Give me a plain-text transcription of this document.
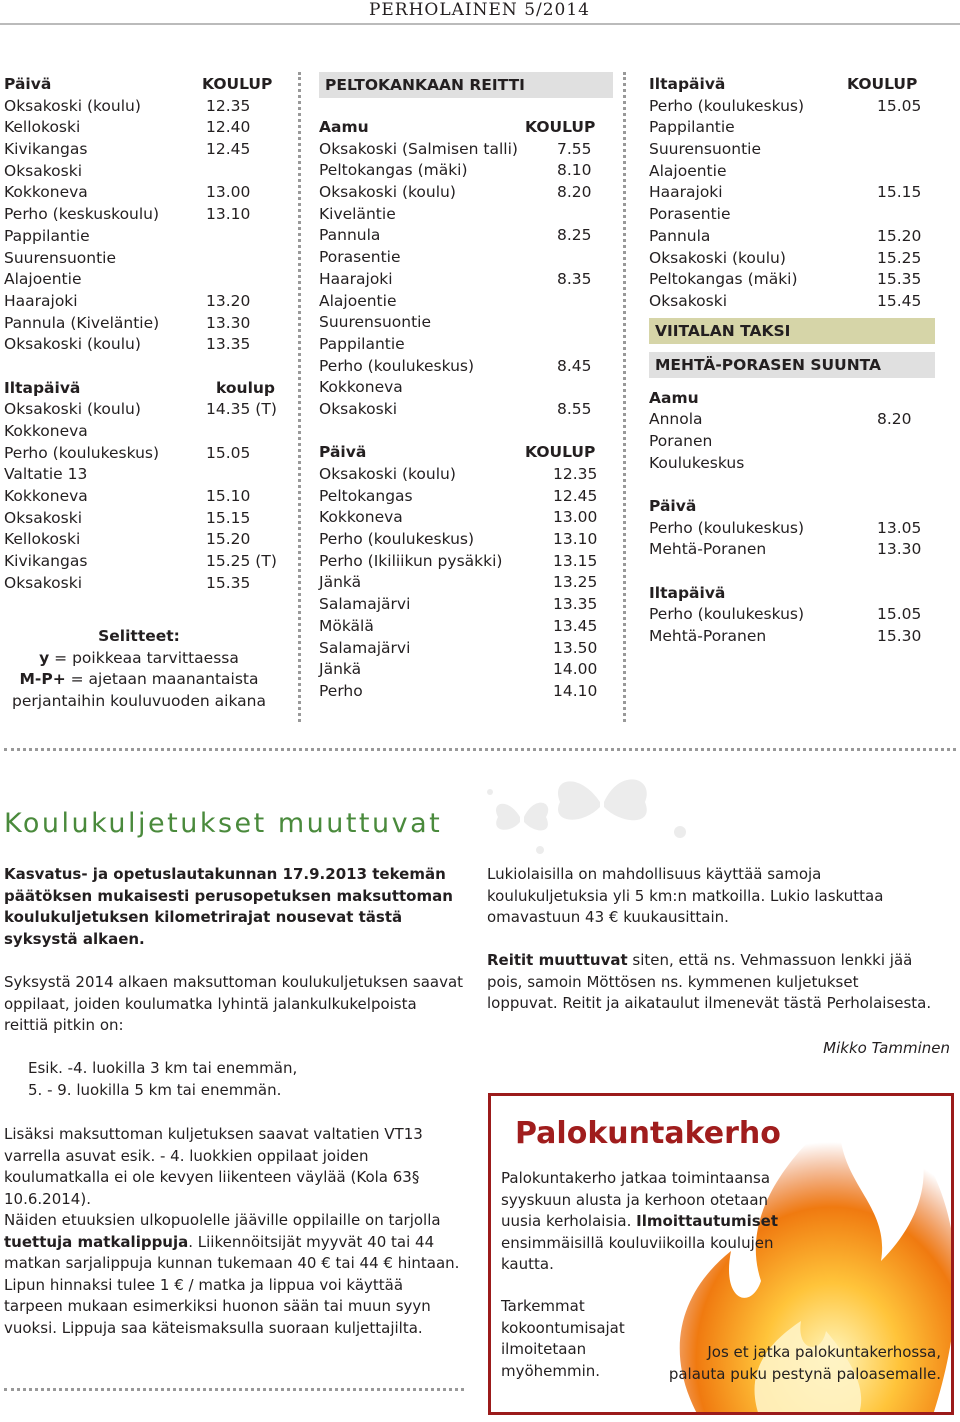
PERHOLAINEN 5/2014
Päivä	KOULUP
Oksakoski (koulu)	12.35
Kellokoski	12.40
Kivikangas	12.45
Oksakoski
Kokkoneva	13.00
Perho (keskuskoulu)	13.10
Pappilantie
Suurensuontie
Alajoentie
Haarajoki	13.20
Pannula (Kiveläntie)	13.30
Oksakoski (koulu)	13.35
Iltapäivä	koulup
Oksakoski (koulu)	14.35 (T)
Kokkoneva
Perho (koulukeskus)	15.05
Valtatie 13
Kokkoneva	15.10
Oksakoski	15.15
Kellokoski	15.20
Kivikangas	15.25 (T)
Oksakoski	15.35
Selitteet:
y = poikkeaa tarvittaessa
M-P+ = ajetaan maanantaista
perjantaihin kouluvuoden aikana
PELTOKANKAAN REITTI
Aamu	KOULUP
Oksakoski (Salmisen talli)	7.55
Peltokangas (mäki)	8.10
Oksakoski (koulu)	8.20
Kiveläntie
Pannula	8.25
Porasentie
Haarajoki	8.35
Alajoentie
Suurensuontie
Pappilantie
Perho (koulukeskus)	8.45
Kokkoneva
Oksakoski	8.55
Päivä	KOULUP
Oksakoski (koulu)	12.35
Peltokangas	12.45
Kokkoneva	13.00
Perho (koulukeskus)	13.10
Perho (Ikiliikun pysäkki)	13.15
Jänkä	13.25
Salamajärvi	13.35
Mökälä	13.45
Salamajärvi	13.50
Jänkä	14.00
Perho	14.10
Iltapäivä	KOULUP
Perho (koulukeskus)	15.05
Pappilantie
Suurensuontie
Alajoentie
Haarajoki	15.15
Porasentie
Pannula	15.20
Oksakoski (koulu)	15.25
Peltokangas (mäki)	15.35
Oksakoski	15.45
VIITALAN TAKSI
MEHTÄ-PORASEN SUUNTA
Aamu
Annola	8.20
Poranen
Koulukeskus
Päivä
Perho (koulukeskus)	13.05
Mehtä-Poranen	13.30
Iltapäivä
Perho (koulukeskus)	15.05
Mehtä-Poranen	15.30
Koulukuljetukset muuttuvat
Kasvatus- ja opetuslautakunnan 17.9.2013 tekemän päätöksen mukaisesti perusopetuksen maksuttoman koulukuljetuksen kilometrirajat nousevat tästä syksystä alkaen.
Syksystä 2014 alkaen maksuttoman koulukuljetuksen saavat oppilaat, joiden koulumatka lyhintä jalankulkukelpoista reittiä pitkin on:
Esik. -4. luokilla 3 km tai enemmän,
5. - 9. luokilla 5 km tai enemmän.
Lisäksi maksuttoman kuljetuksen saavat valtatien VT13 varrella asuvat esik. - 4. luokkien oppilaat joiden koulumatkalla ei ole kevyen liikenteen väylää (Kola 63§ 10.6.2014).
Näiden etuuksien ulkopuolelle jääville oppilaille on tarjolla tuettuja matkalippuja. Liikennöitsijät myyvät 40 tai 44 matkan sarjalippuja kunnan tukemaan 40 € tai 44 € hintaan. Lipun hinnaksi tulee 1 € / matka ja lippua voi käyttää tarpeen mukaan esimerkiksi huonon sään tai muun syyn vuoksi. Lippuja saa käteismaksulla suoraan kuljettajilta.
Lukiolaisilla on mahdollisuus käyttää samoja koulukuljetuksia yli 5 km:n matkoilla. Lukio laskuttaa omavastuun 43 € kuukausittain.
Reitit muuttuvat siten, että ns. Vehmassuon lenkki jää pois, samoin Möttösen ns. kymmenen kuljetukset loppuvat. Reitit ja aikataulut ilmenevät tästä Perholaisesta.
Mikko Tamminen
Palokuntakerho
Palokuntakerho jatkaa toimintaansa syyskuun alusta ja kerhoon otetaan uusia kerholaisia. Ilmoittautumiset ensimmäisillä kouluviikoilla koulujen kautta.
Tarkemmat kokoontumisajat ilmoitetaan myöhemmin.
Jos et jatka palokuntakerhossa,
palauta puku pestynä paloasemalle.
